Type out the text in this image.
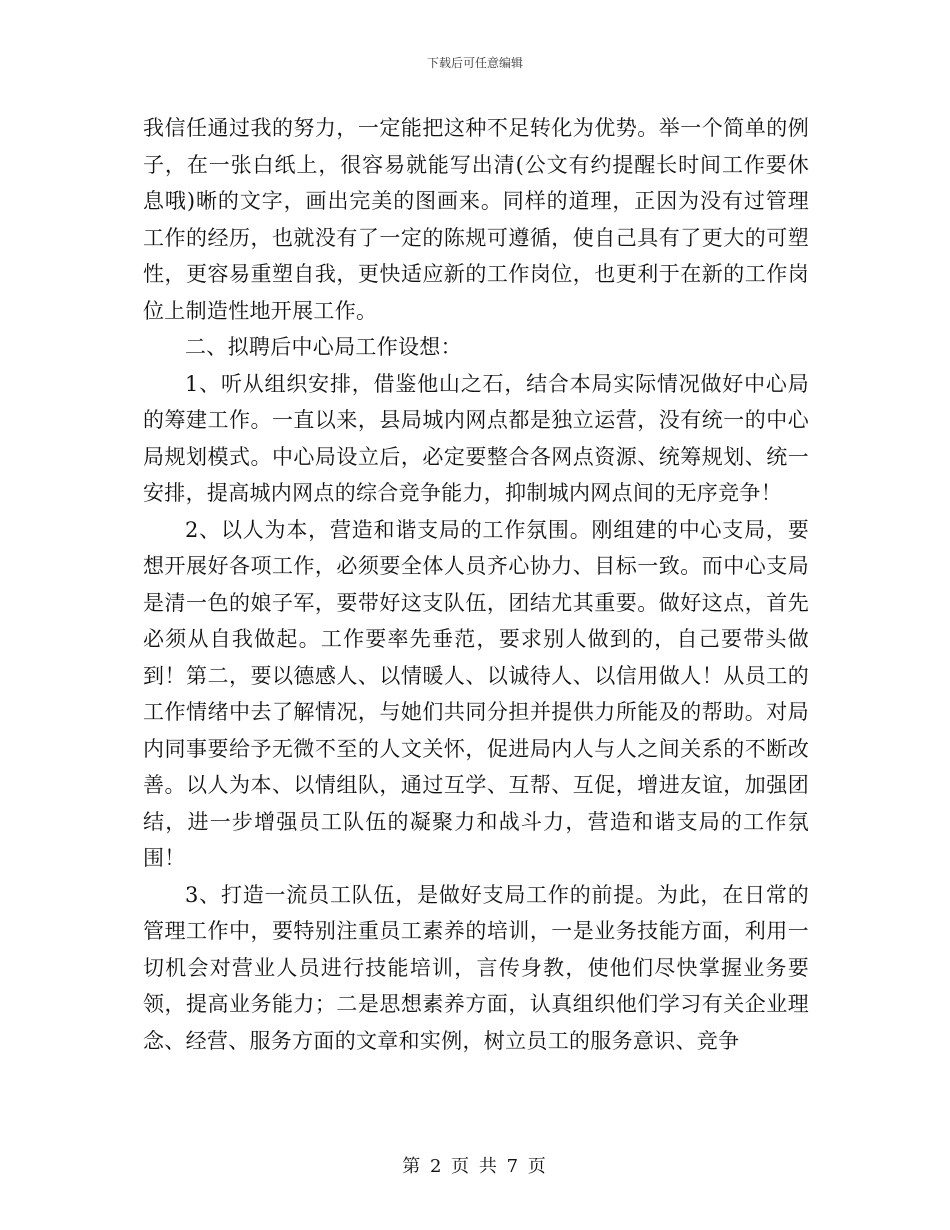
下载后可任意编辑

我信任通过我的努力，一定能把这种不足转化为优势。举一个简单的例子，在一张白纸上，很容易就能写出清(公文有约提醒长时间工作要休息哦)晰的文字，画出完美的图画来。同样的道理，正因为没有过管理工作的经历，也就没有了一定的陈规可遵循，使自己具有了更大的可塑性，更容易重塑自我，更快适应新的工作岗位，也更利于在新的工作岗位上制造性地开展工作。

二、拟聘后中心局工作设想：

1、听从组织安排，借鉴他山之石，结合本局实际情况做好中心局的筹建工作。一直以来，县局城内网点都是独立运营，没有统一的中心局规划模式。中心局设立后，必定要整合各网点资源、统筹规划、统一安排，提高城内网点的综合竞争能力，抑制城内网点间的无序竞争！

2、以人为本，营造和谐支局的工作氛围。刚组建的中心支局，要想开展好各项工作，必须要全体人员齐心协力、目标一致。而中心支局是清一色的娘子军，要带好这支队伍，团结尤其重要。做好这点，首先必须从自我做起。工作要率先垂范，要求别人做到的，自己要带头做到！第二，要以德感人、以情暖人、以诚待人、以信用做人！从员工的工作情绪中去了解情况，与她们共同分担并提供力所能及的帮助。对局内同事要给予无微不至的人文关怀，促进局内人与人之间关系的不断改善。以人为本、以情组队，通过互学、互帮、互促，增进友谊，加强团结，进一步增强员工队伍的凝聚力和战斗力，营造和谐支局的工作氛围！

3、打造一流员工队伍，是做好支局工作的前提。为此，在日常的管理工作中，要特别注重员工素养的培训，一是业务技能方面，利用一切机会对营业人员进行技能培训，言传身教，使他们尽快掌握业务要领，提高业务能力；二是思想素养方面，认真组织他们学习有关企业理念、经营、服务方面的文章和实例，树立员工的服务意识、竞争

第 2 页 共 7 页
